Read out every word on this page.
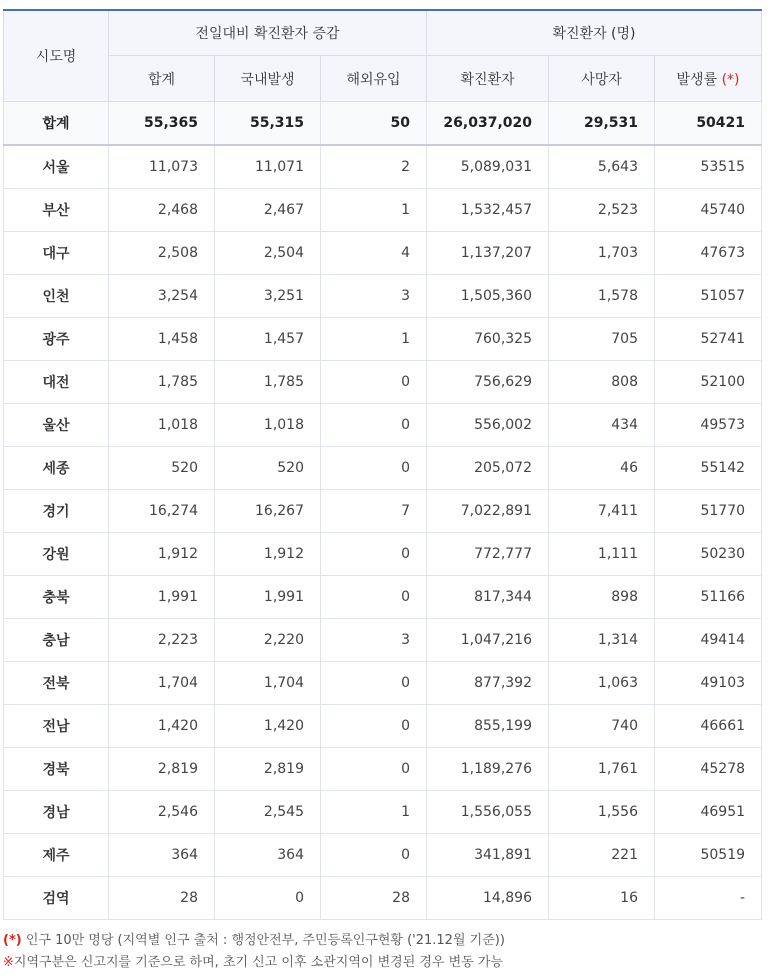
시도명	전일대비 확진환자 증감			확진환자 (명)		
	합계	국내발생	해외유입	확진환자	사망자	발생률 (*)
합계	55,365	55,315	50	26,037,020	29,531	50421
서울	11,073	11,071	2	5,089,031	5,643	53515
부산	2,468	2,467	1	1,532,457	2,523	45740
대구	2,508	2,504	4	1,137,207	1,703	47673
인천	3,254	3,251	3	1,505,360	1,578	51057
광주	1,458	1,457	1	760,325	705	52741
대전	1,785	1,785	0	756,629	808	52100
울산	1,018	1,018	0	556,002	434	49573
세종	520	520	0	205,072	46	55142
경기	16,274	16,267	7	7,022,891	7,411	51770
강원	1,912	1,912	0	772,777	1,111	50230
충북	1,991	1,991	0	817,344	898	51166
충남	2,223	2,220	3	1,047,216	1,314	49414
전북	1,704	1,704	0	877,392	1,063	49103
전남	1,420	1,420	0	855,199	740	46661
경북	2,819	2,819	0	1,189,276	1,761	45278
경남	2,546	2,545	1	1,556,055	1,556	46951
제주	364	364	0	341,891	221	50519
검역	28	0	28	14,896	16	-
(*) 인구 10만 명당 (지역별 인구 출처 : 행정안전부, 주민등록인구현황 ('21.12월 기준))
※지역구분은 신고지를 기준으로 하며, 초기 신고 이후 소관지역이 변경된 경우 변동 가능
